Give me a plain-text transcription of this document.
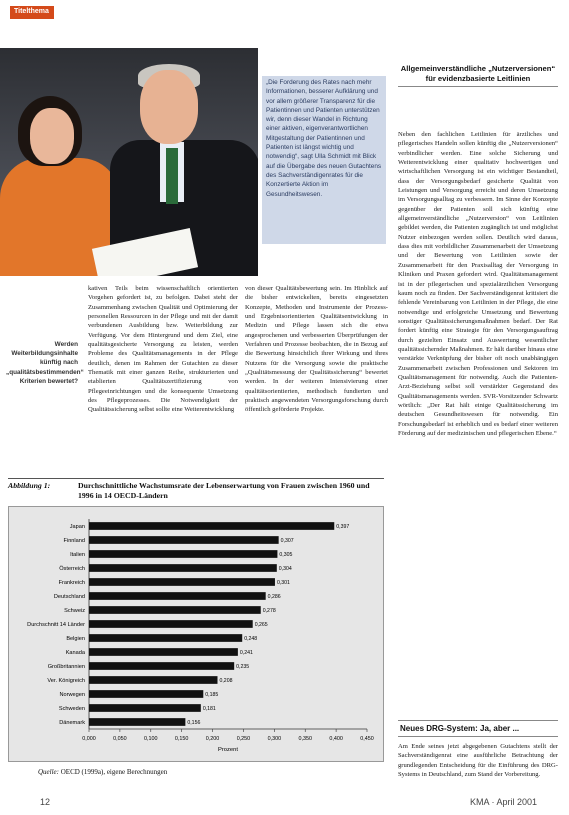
Titelthema
„Die Forderung des Rates nach mehr Informationen, besserer Aufklärung und vor allem größerer Transparenz für die Patientinnen und Patienten unterstützen wir, denn dieser Wandel in Richtung einer aktiven, eigenverantwortlichen Mitgestaltung der Patientinnen und Patienten ist längst wichtig und notwendig“, sagt Ulla Schmidt mit Blick auf die Übergabe des neuen Gutachtens des Sachverständigenrates für die Konzertierte Aktion im Gesundheitswesen.
Werden Weiterbildungsinhalte künftig nach „qualitätsbestimmenden“ Kriterien bewertet?
kativen Teils beim wissenschaftlich orientierten Vorgehen gefordert ist, zu befolgen. Dabei steht der Zusammenhang zwischen Qualität und Optimierung der personellen Ressourcen in der Pflege und mit der damit verbundenen Ausbildung bzw. Weiterbildung zur Verfügung. Vor dem Hintergrund und dem Ziel, eine qualitätsgesicherte Versorgung zu leisten, werden Probleme des Qualitätsmanagements in der Pflege deutlich, denen im Rahmen der Gutachten zu dieser Thematik mit einer ganzen Reihe, strukturierten und etablierten Qualitätszertifizierung von Pflegeeinrichtungen und die konsequente Umsetzung des Pflegeprozesses. Die Notwendigkeit der Qualitätssicherung selbst sollte eine Weiterentwicklung
von dieser Qualitätsbewertung sein. Im Hinblick auf die bisher entwickelten, bereits eingesetzten Konzepte, Methoden und Instrumente der Prozess- und Ergebnisorientierten Qualitätsentwicklung in Medizin und Pflege lassen sich die etwa angesprochenen und verbesserten Überprüfungen der Verfahren und Prozesse beobachten, die in Bezug auf die Bewertung hinsichtlich ihrer Wirkung und ihres Nutzens für die Versorgung sowie die praktische „Qualitätsmessung der Qualitätssicherung“ bewertet werden. In der weiteren Intensivierung einer qualitätsorientierten, methodisch fundierten und praktisch angewendeten Versorgungsforschung durch öffentlich geförderte Projekte.
Allgemeinverständliche „Nutzerversionen“ für evidenzbasierte Leitlinien
Neben den fachlichen Leitlinien für ärztliches und pflegerisches Handeln sollen künftig die „Nutzerversionen“ verbindlicher werden. Eine solche Sicherung und Weiterentwicklung einer qualitativ hochwertigen und wirtschaftlichen Versorgung ist ein wichtiger Bestandteil, dass der Versorgungsbedarf gesicherte Qualität von Leistungen und Versorgung erreicht und deren Umsetzung im Versorgungsalltag zu verbessern. Im Sinne der Konzepte gegenüber der Patienten soll sich künftig eine allgemeinverständliche „Nutzerversion“ von Leitlinien gebildet werden, die Patienten zugänglich ist und möglichst Nutzer einbezogen werden sollen. Deutlich wird daraus, dass dies mit vorbildlicher Zusammenarbeit der Umsetzung und der Bewertung von Leitlinien sowie der Zusammenarbeit für den Praxisalltag der Versorgung in Kliniken und Praxen gefordert wird. Qualitätsmanagement ist in der pflegerischen und spezialärztlichen Versorgung kaum noch zu finden. Der Sachverständigenrat kritisiert die fehlende Vereinbarung von Leitlinien in der Pflege, die eine notwendige und erfolgreiche Umsetzung und Bewertung sonstiger Qualitätssicherungsmaßnahmen bedarf. Der Rat fordert künftig eine Strategie für den Versorgungsauftrag durch gezielten Einsatz und Auswertung wesentlicher qualitätssichernder Maßnahmen. Er hält darüber hinaus eine verstärkte Verknüpfung der bisher oft noch unabhängigen Zusammenarbeit zwischen Professionen und Sektoren im Qualitätsmanagement für notwendig. Auch die Patienten-Arzt-Beziehung selbst soll verstärkter Gegenstand des Qualitätsmanagements werden. SVR-Vorsitzender Schwartz wörtlich: „Der Rat hält einige Qualitätssicherung im deutschen Gesundheitswesen für notwendig. Ein Forschungsbedarf ist erheblich und es bedarf einer weiteren Förderung auf der medizinischen und pflegerischen Ebene.“
Neues DRG-System: Ja, aber ...
Am Ende seines jetzt abgegebenen Gutachtens stellt der Sachverständigenrat eine ausführliche Betrachtung der grundlegenden Entscheidung für die Einführung des DRG-Systems in Deutschland, zum Stand der Vorbereitung.
Abbildung 1:	Durchschnittliche Wachstumsrate der Lebenserwartung von Frauen zwischen 1960 und 1996 in 14 OECD-Ländern
Japan	0,397
Finnland	0,307
Italien	0,305
Österreich	0,304
Frankreich	0,301
Deutschland	0,286
Schweiz	0,278
Durchschnitt 14 Länder	0,265
Belgien	0,248
Kanada	0,241
Großbritannien	0,235
Ver. Königreich	0,208
Norwegen	0,185
Schweden	0,181
Dänemark	0,156
0,000	0,050	0,100	0,150	0,200	0,250	0,300	0,350	0,400	0,450
Prozent
Quelle: OECD (1999a), eigene Berechnungen
12	KMA · April 2001
